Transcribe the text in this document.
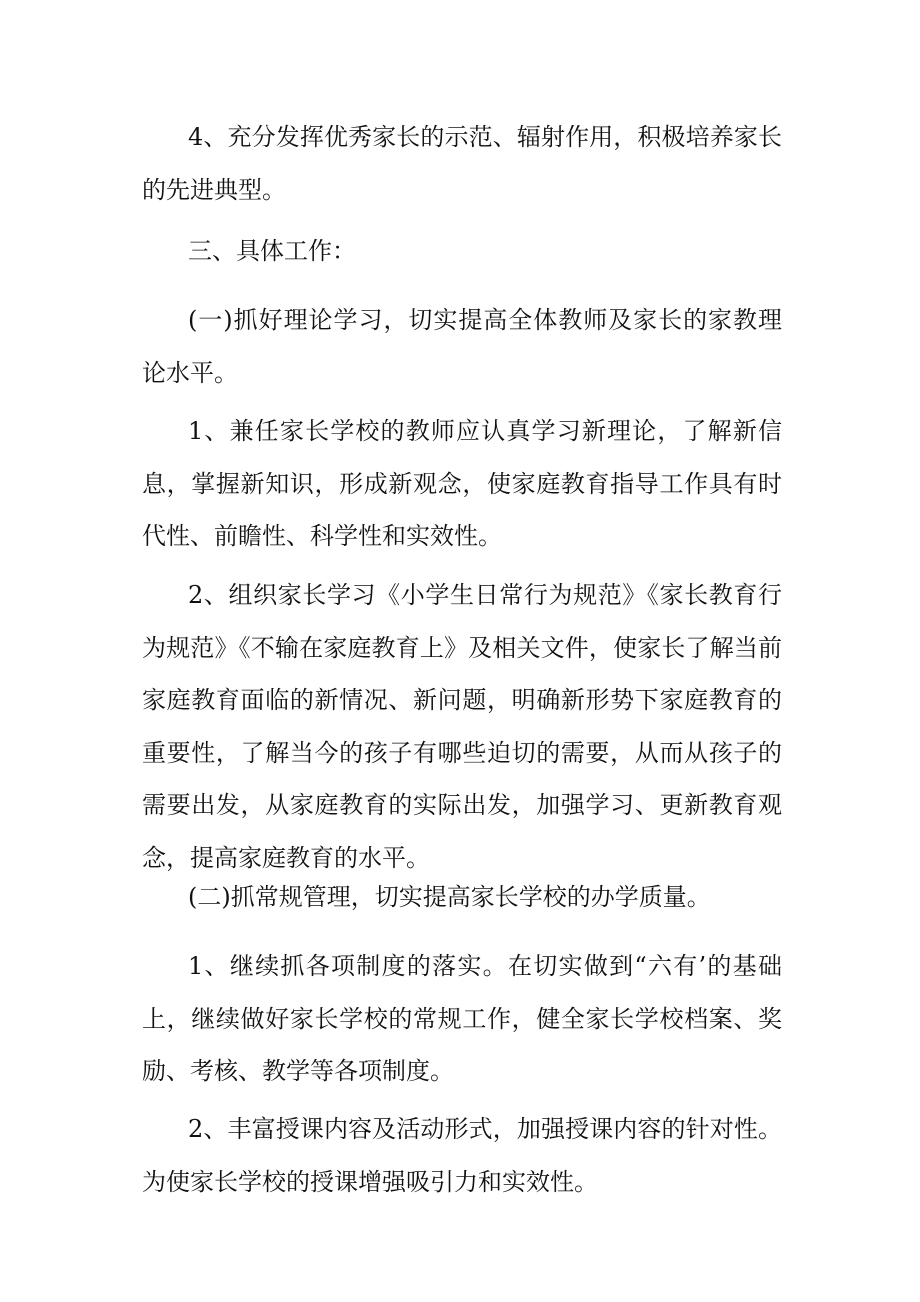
4、充分发挥优秀家长的示范、辐射作用，积极培养家长的先进典型。

三、具体工作：

(一)抓好理论学习，切实提高全体教师及家长的家教理论水平。

1、兼任家长学校的教师应认真学习新理论，了解新信息，掌握新知识，形成新观念，使家庭教育指导工作具有时代性、前瞻性、科学性和实效性。

2、组织家长学习《小学生日常行为规范》《家长教育行为规范》《不输在家庭教育上》及相关文件，使家长了解当前家庭教育面临的新情况、新问题，明确新形势下家庭教育的重要性，了解当今的孩子有哪些迫切的需要，从而从孩子的需要出发，从家庭教育的实际出发，加强学习、更新教育观念，提高家庭教育的水平。

(二)抓常规管理，切实提高家长学校的办学质量。

1、继续抓各项制度的落实。在切实做到“六有’的基础上，继续做好家长学校的常规工作，健全家长学校档案、奖励、考核、教学等各项制度。

2、丰富授课内容及活动形式，加强授课内容的针对性。为使家长学校的授课增强吸引力和实效性。
